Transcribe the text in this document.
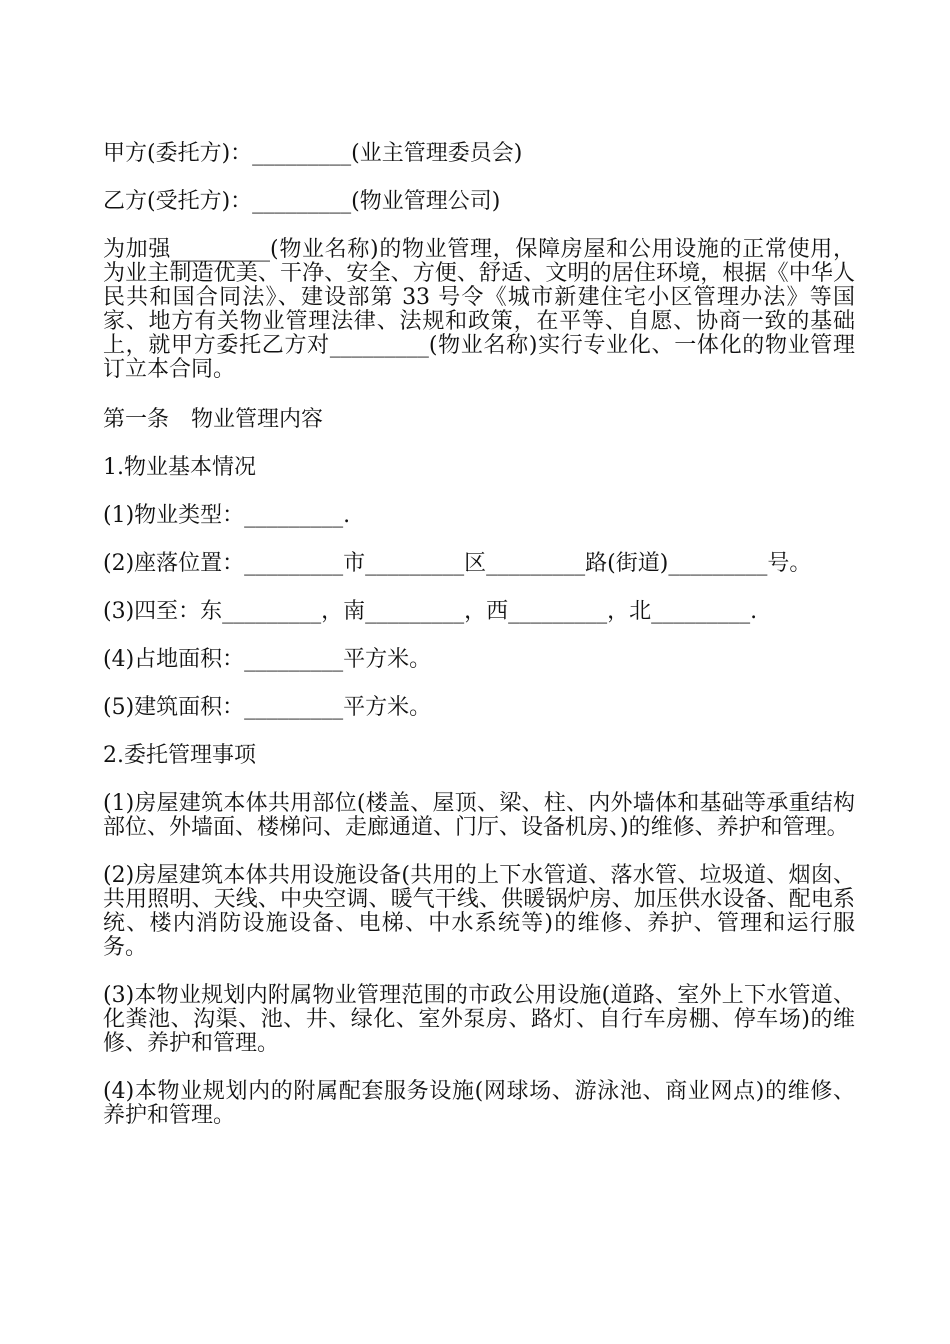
甲方(委托方)：_________(业主管理委员会)

乙方(受托方)：_________(物业管理公司)

为加强_________(物业名称)的物业管理，保障房屋和公用设施的正常使用，为业主制造优美、干净、安全、方便、舒适、文明的居住环境，根据《中华人民共和国合同法》、建设部第 33 号令《城市新建住宅小区管理办法》等国家、地方有关物业管理法律、法规和政策，在平等、自愿、协商一致的基础上，就甲方委托乙方对_________(物业名称)实行专业化、一体化的物业管理订立本合同。

第一条　物业管理内容

1.物业基本情况

(1)物业类型：_________.

(2)座落位置：_________市_________区_________路(街道)_________号。

(3)四至：东_________，南_________，西_________，北_________.

(4)占地面积：_________平方米。

(5)建筑面积：_________平方米。

2.委托管理事项

(1)房屋建筑本体共用部位(楼盖、屋顶、梁、柱、内外墙体和基础等承重结构部位、外墙面、楼梯问、走廊通道、门厅、设备机房、)的维修、养护和管理。

(2)房屋建筑本体共用设施设备(共用的上下水管道、落水管、垃圾道、烟囱、共用照明、天线、中央空调、暖气干线、供暖锅炉房、加压供水设备、配电系统、楼内消防设施设备、电梯、中水系统等)的维修、养护、管理和运行服务。

(3)本物业规划内附属物业管理范围的市政公用设施(道路、室外上下水管道、化粪池、沟渠、池、井、绿化、室外泵房、路灯、自行车房棚、停车场)的维修、养护和管理。

(4)本物业规划内的附属配套服务设施(网球场、游泳池、商业网点)的维修、养护和管理。
